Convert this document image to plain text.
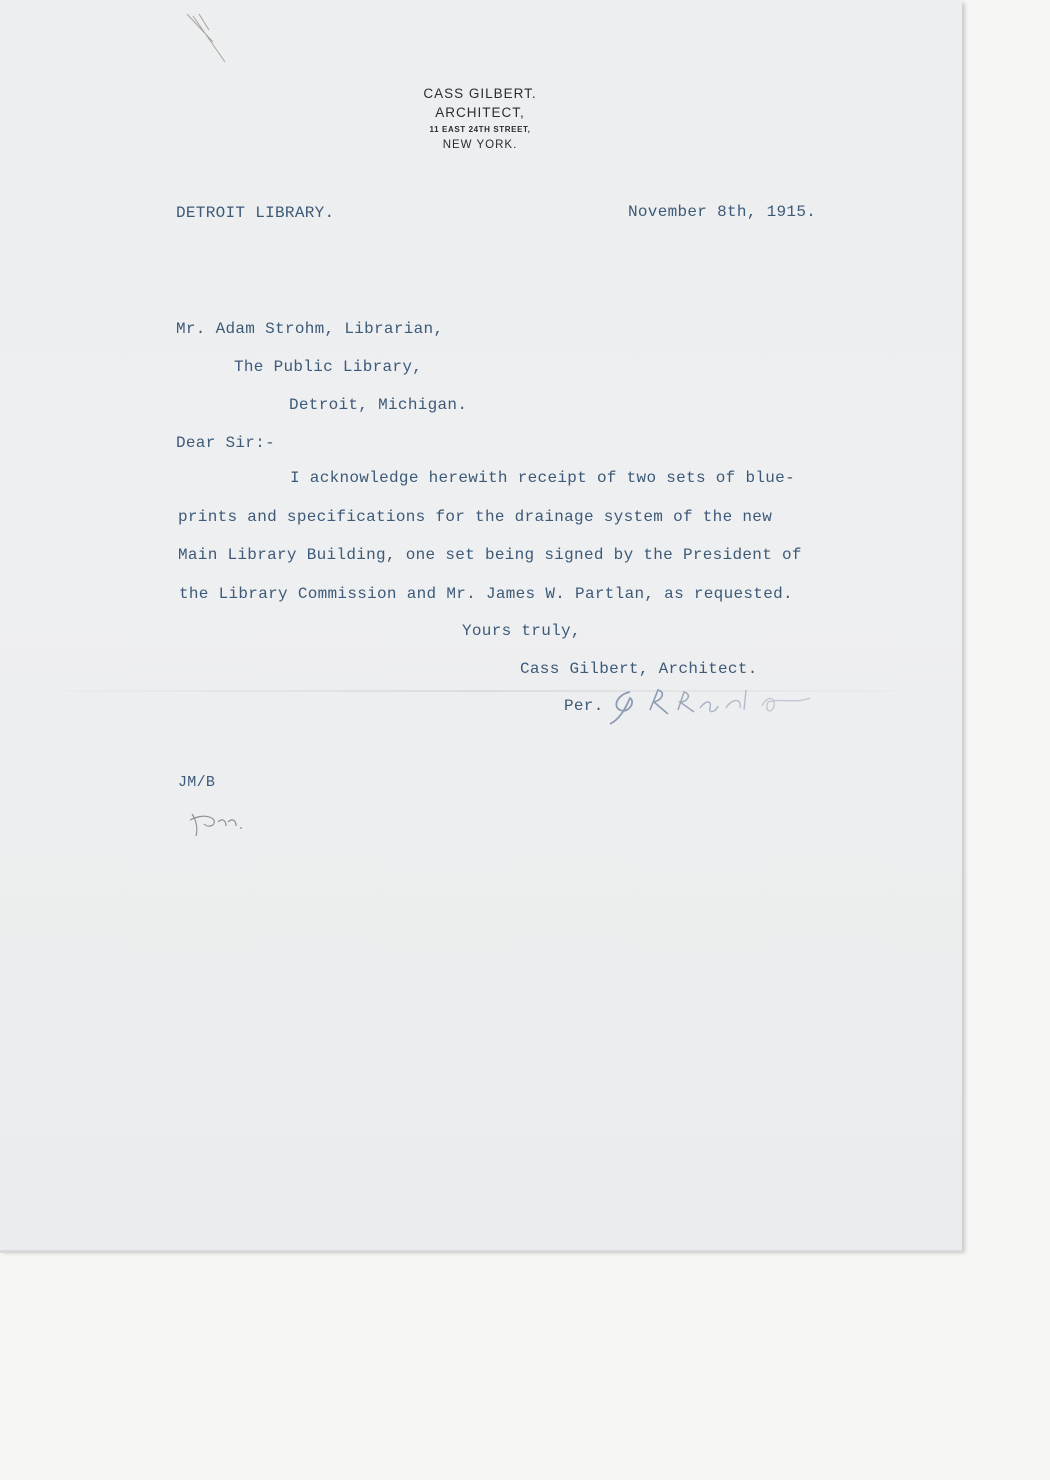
CASS GILBERT.
ARCHITECT,
11 EAST 24TH STREET,
NEW YORK.
DETROIT LIBRARY.	November 8th, 1915.
Mr. Adam Strohm, Librarian,
The Public Library,
Detroit, Michigan.
Dear Sir:-
I acknowledge herewith receipt of two sets of blue-
prints and specifications for the drainage system of the new
Main Library Building, one set being signed by the President of
the Library Commission and Mr. James W. Partlan, as requested.
Yours truly,
Cass Gilbert, Architect.
Per.
JM/B
